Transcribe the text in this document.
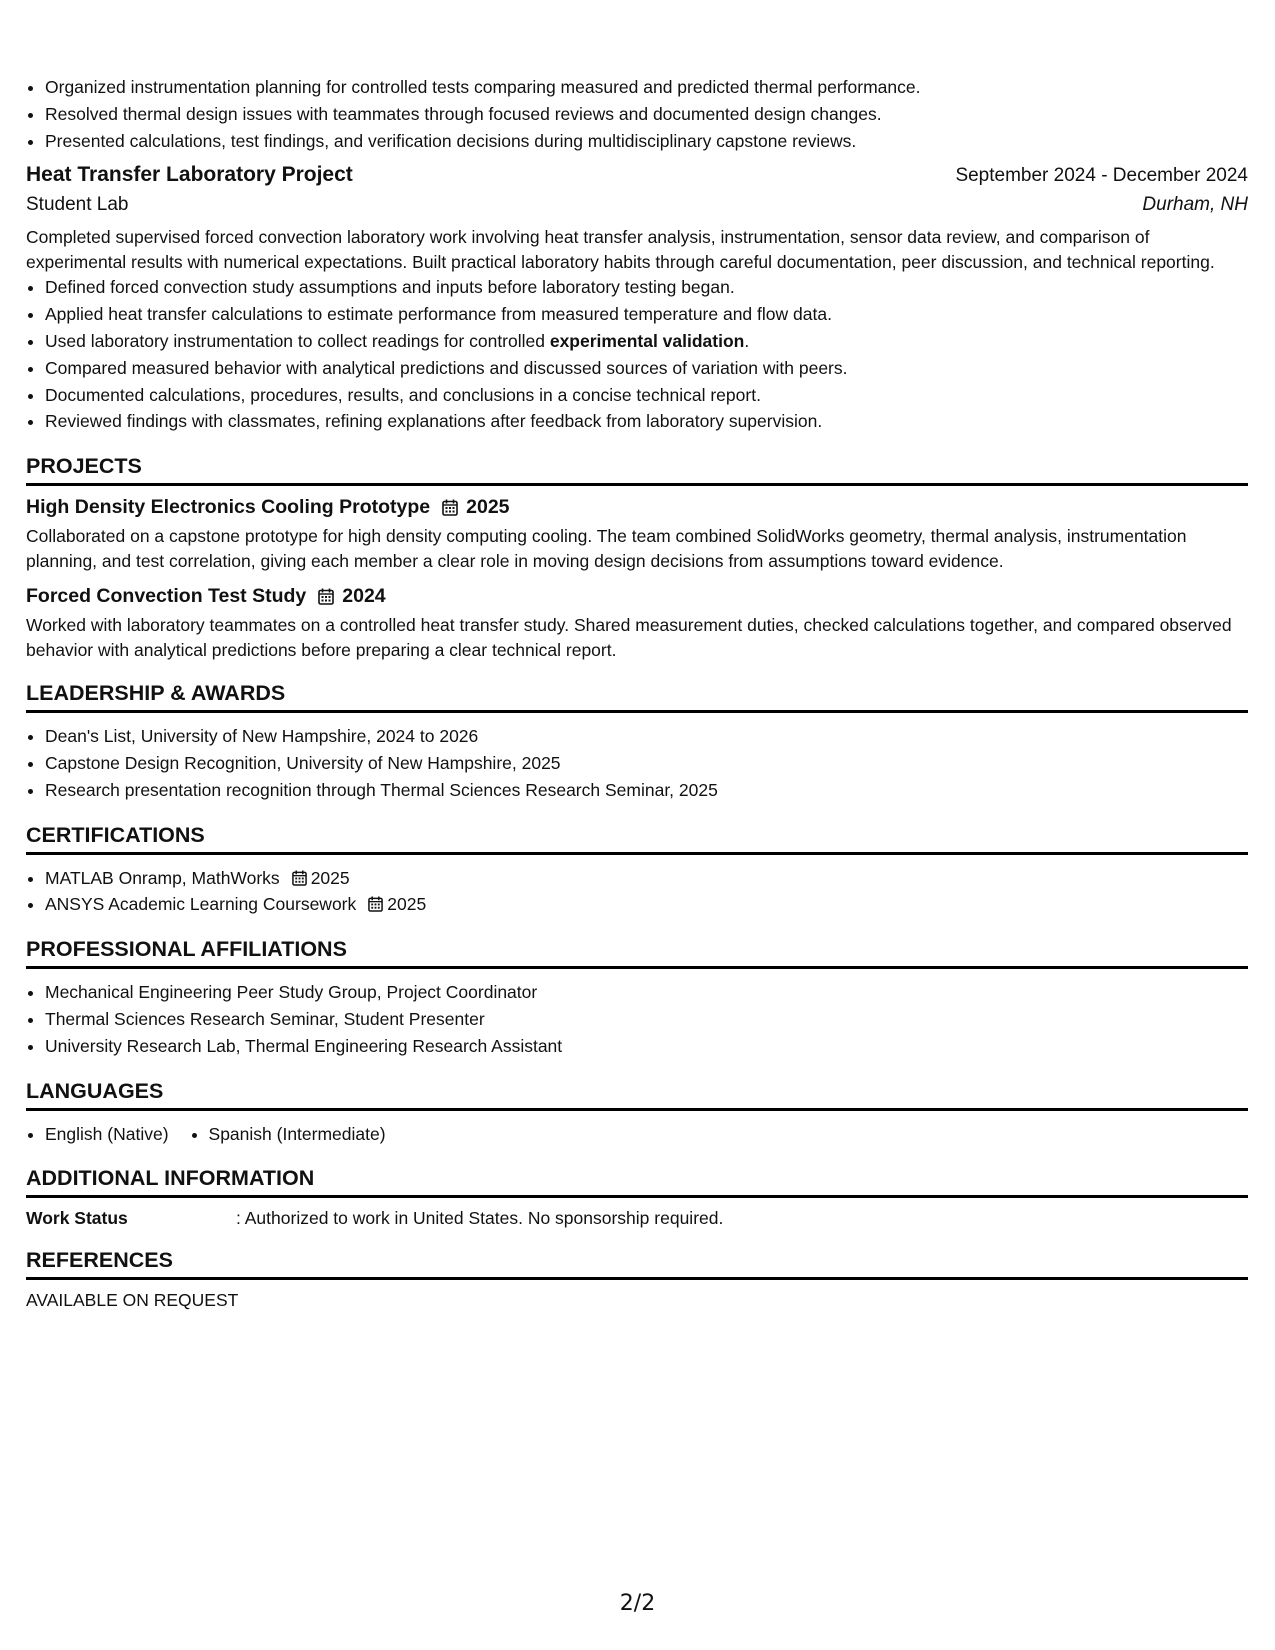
• Organized instrumentation planning for controlled tests comparing measured and predicted thermal performance.
• Resolved thermal design issues with teammates through focused reviews and documented design changes.
• Presented calculations, test findings, and verification decisions during multidisciplinary capstone reviews.
Heat Transfer Laboratory Project	September 2024 - December 2024
Student Lab	Durham, NH
Completed supervised forced convection laboratory work involving heat transfer analysis, instrumentation, sensor data review, and comparison of experimental results with numerical expectations. Built practical laboratory habits through careful documentation, peer discussion, and technical reporting.
• Defined forced convection study assumptions and inputs before laboratory testing began.
• Applied heat transfer calculations to estimate performance from measured temperature and flow data.
• Used laboratory instrumentation to collect readings for controlled experimental validation.
• Compared measured behavior with analytical predictions and discussed sources of variation with peers.
• Documented calculations, procedures, results, and conclusions in a concise technical report.
• Reviewed findings with classmates, refining explanations after feedback from laboratory supervision.
PROJECTS
High Density Electronics Cooling Prototype 2025
Collaborated on a capstone prototype for high density computing cooling. The team combined SolidWorks geometry, thermal analysis, instrumentation planning, and test correlation, giving each member a clear role in moving design decisions from assumptions toward evidence.
Forced Convection Test Study 2024
Worked with laboratory teammates on a controlled heat transfer study. Shared measurement duties, checked calculations together, and compared observed behavior with analytical predictions before preparing a clear technical report.
LEADERSHIP & AWARDS
• Dean's List, University of New Hampshire, 2024 to 2026
• Capstone Design Recognition, University of New Hampshire, 2025
• Research presentation recognition through Thermal Sciences Research Seminar, 2025
CERTIFICATIONS
• MATLAB Onramp, MathWorks 2025
• ANSYS Academic Learning Coursework 2025
PROFESSIONAL AFFILIATIONS
• Mechanical Engineering Peer Study Group, Project Coordinator
• Thermal Sciences Research Seminar, Student Presenter
• University Research Lab, Thermal Engineering Research Assistant
LANGUAGES
• English (Native)
• Spanish (Intermediate)
ADDITIONAL INFORMATION
Work Status	: Authorized to work in United States. No sponsorship required.
REFERENCES
AVAILABLE ON REQUEST
2/2
